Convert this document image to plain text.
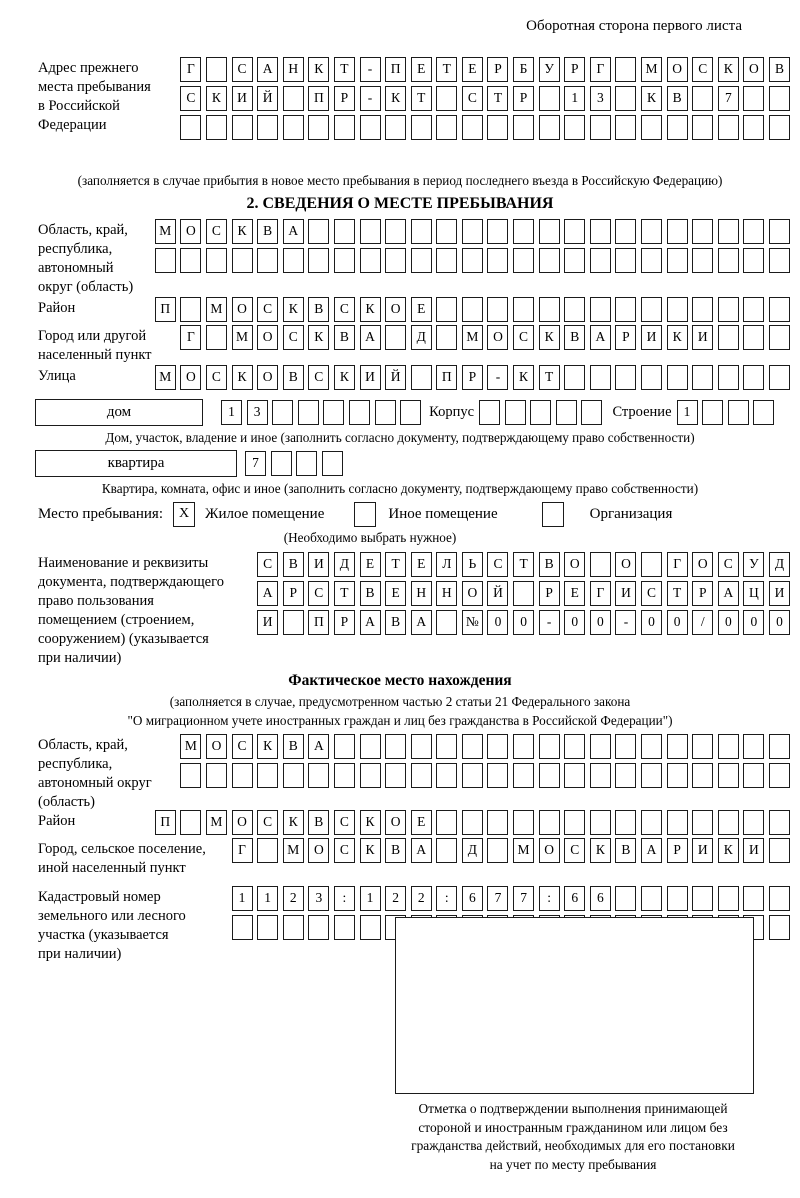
Оборотная сторона первого листа
Адрес прежнего
места пребывания
в Российской
Федерации
Г	С	А	Н	К	Т	-	П	Е	Т	Е	Р	Б	У	Р	Г	М	О	С	К	О	В
С	К	И	Й	П	Р	-	К	Т	С	Т	Р	1	3	К	В	7
(заполняется в случае прибытия в новое место пребывания в период последнего въезда в Российскую Федерацию)
2. СВЕДЕНИЯ О МЕСТЕ ПРЕБЫВАНИЯ
Область, край,
республика,
автономный
округ (область)
М	О	С	К	В	А
Район	П	М	О	С	К	В	С	К	О	Е
Город или другой
населенный пункт
Г	М	О	С	К	В	А	Д	М	О	С	К	В	А	Р	И	К	И
Улица	М	О	С	К	О	В	С	К	И	Й	П	Р	-	К	Т
дом	1	3	Корпус	Строение 1
Дом, участок, владение и иное (заполнить согласно документу, подтверждающему право собственности)
квартира	7
Квартира, комната, офис и иное (заполнить согласно документу, подтверждающему право собственности)
Место пребывания:	X	Жилое помещение	Иное помещение	Организация
(Необходимо выбрать нужное)
Наименование и реквизиты
документа, подтверждающего
право пользования
помещением (строением,
сооружением) (указывается
при наличии)
С	В	И	Д	Е	Т	Е	Л	Ь	С	Т	В	О	О	Г	О	С	У	Д
А	Р	С	Т	В	Е	Н	Н	О	Й	Р	Е	Г	И	С	Т	Р	А	Ц	И
И	П	Р	А	В	А	№	0	0	-	0	0	-	0	0	/	0	0	0
Фактическое место нахождения
(заполняется в случае, предусмотренном частью 2 статьи 21 Федерального закона
"О миграционном учете иностранных граждан и лиц без гражданства в Российской Федерации")
Область, край,
республика,
автономный округ
(область)
М	О	С	К	В	А
Район	П	М	О	С	К	В	С	К	О	Е
Город, сельское поселение,
иной населенный пункт
Г	М	О	С	К	В	А	Д	М	О	С	К	В	А	Р	И	К	И
Кадастровый номер
земельного или лесного
участка (указывается
при наличии)
1	1	2	3	:	1	2	2	:	6	7	7	:	6	6
Отметка о подтверждении выполнения принимающей
стороной и иностранным гражданином или лицом без
гражданства действий, необходимых для его постановки
на учет по месту пребывания
